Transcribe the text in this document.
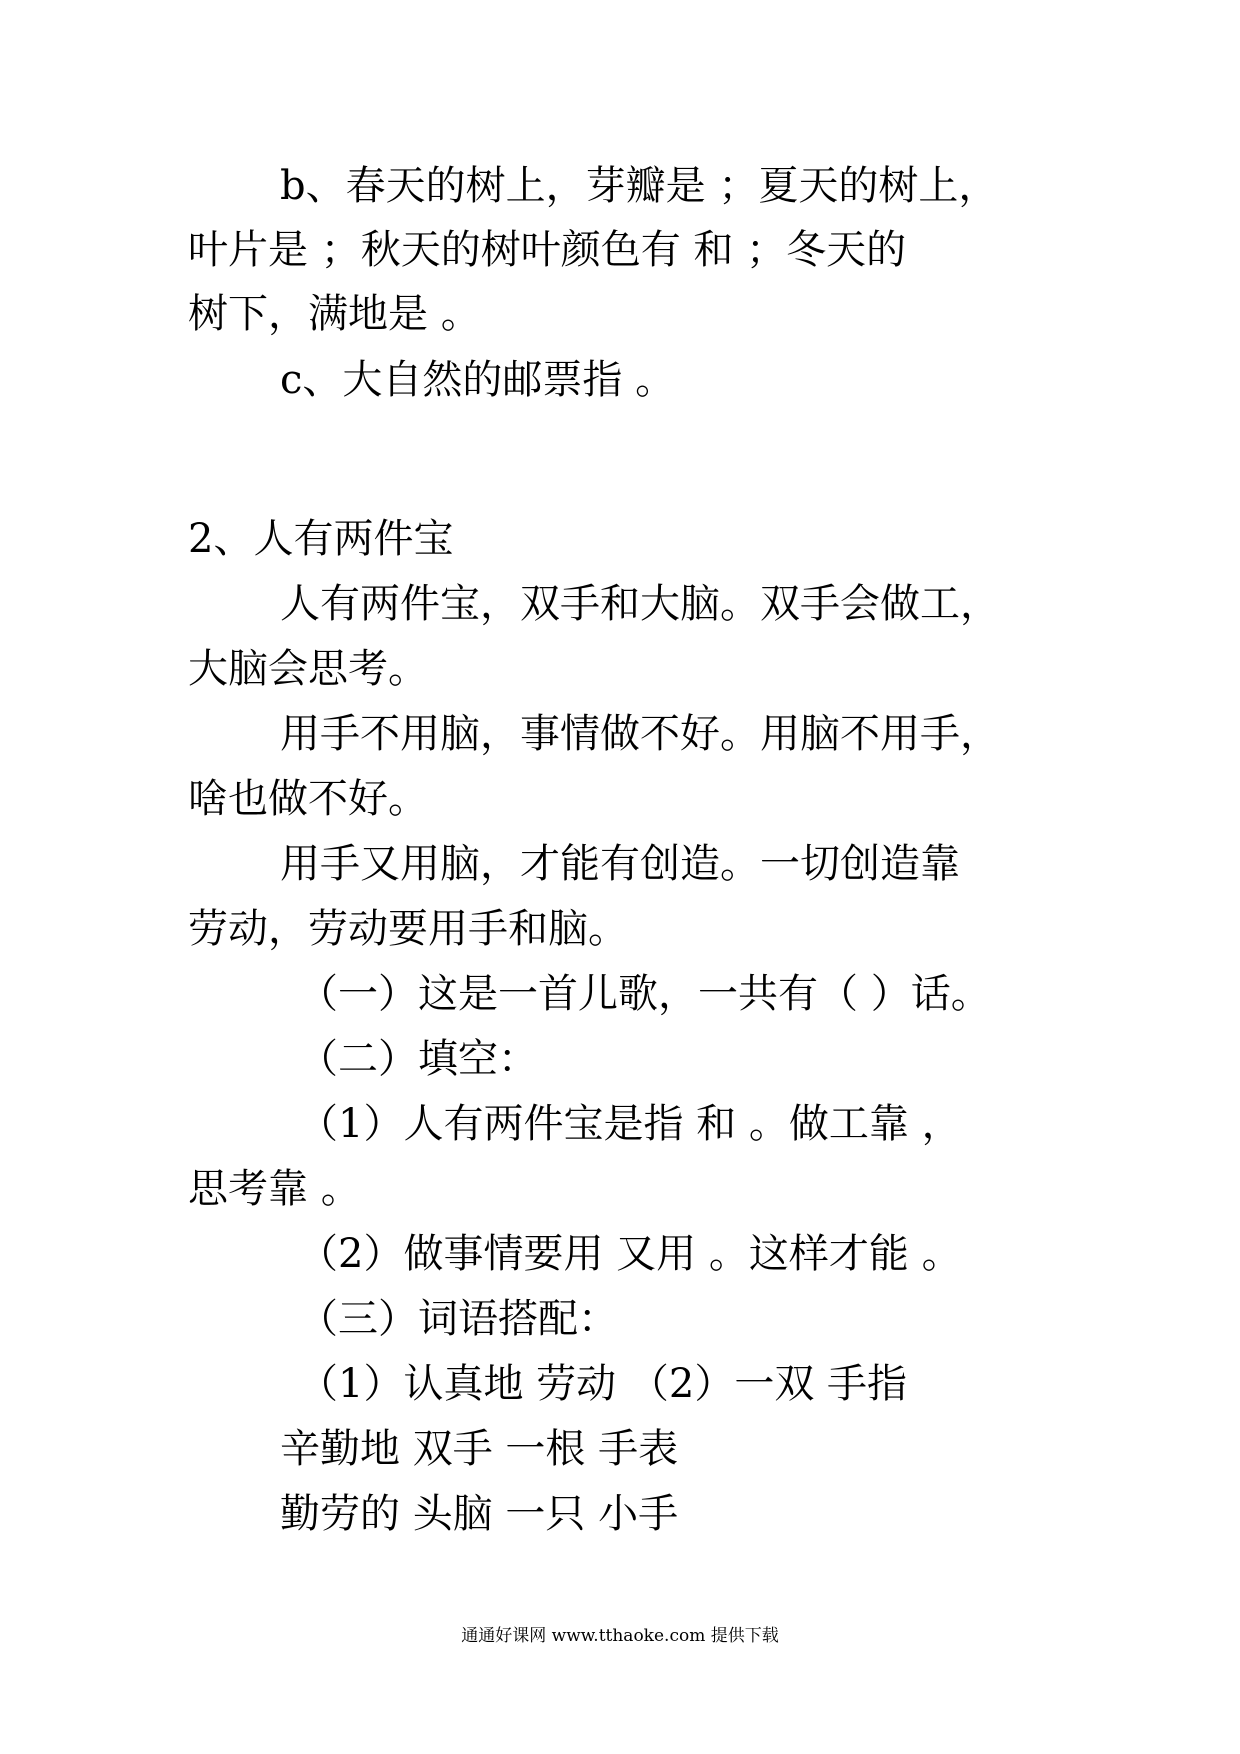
b、春天的树上，芽瓣是 ；夏天的树上，
叶片是 ；秋天的树叶颜色有 和 ；冬天的
树下，满地是 。
c、大自然的邮票指 。
2、人有两件宝
人有两件宝，双手和大脑。双手会做工，
大脑会思考。
用手不用脑，事情做不好。用脑不用手，
啥也做不好。
用手又用脑，才能有创造。一切创造靠
劳动，劳动要用手和脑。
（一）这是一首儿歌，一共有（ ）话。
（二）填空：
（1）人有两件宝是指 和 。做工靠 ，
思考靠 。
（2）做事情要用 又用 。这样才能 。
（三）词语搭配：
（1）认真地 劳动 （2）一双 手指
辛勤地 双手 一根 手表
勤劳的 头脑 一只 小手
通通好课网 www.tthaoke.com 提供下载
